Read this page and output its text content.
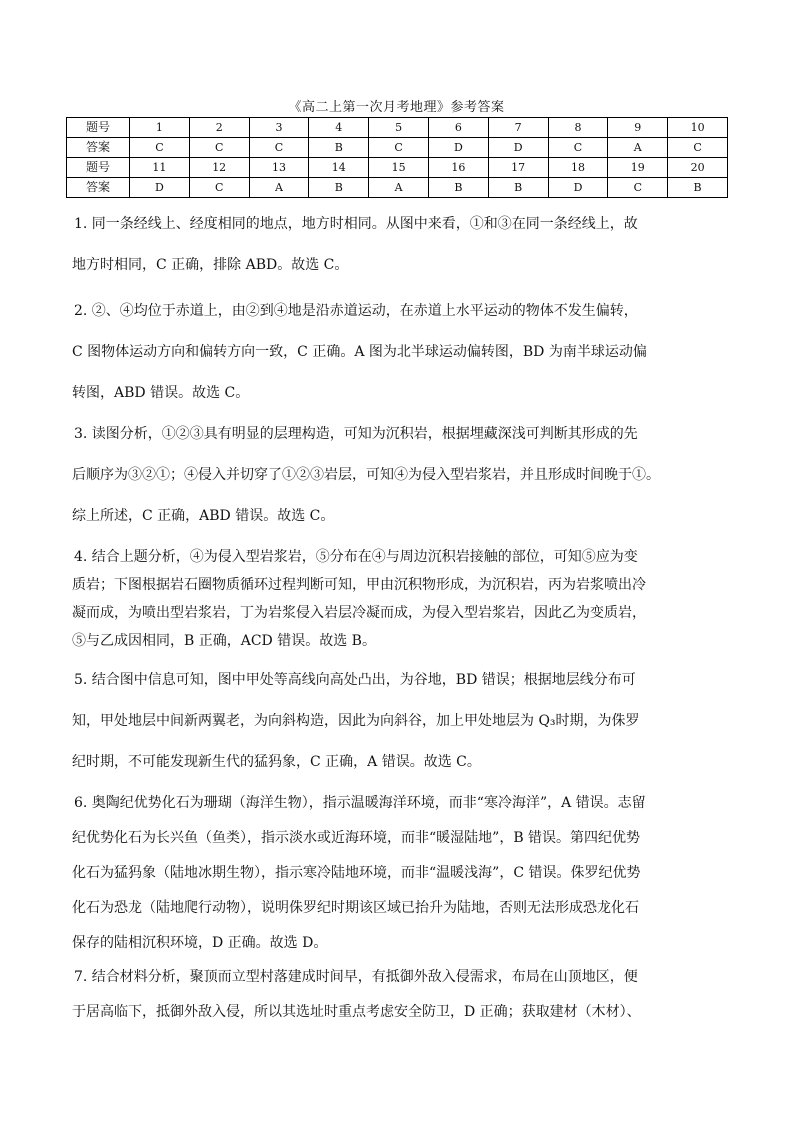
《高二上第一次月考地理》参考答案
题号	1	2	3	4	5	6	7	8	9	10
答案	C	C	C	B	C	D	D	C	A	C
题号	11	12	13	14	15	16	17	18	19	20
答案	D	C	A	B	A	B	B	D	C	B
1. 同一条经线上、经度相同的地点，地方时相同。从图中来看，①和③在同一条经线上，故
地方时相同，C 正确，排除 ABD。故选 C。
2. ②、④均位于赤道上，由②到④地是沿赤道运动，在赤道上水平运动的物体不发生偏转，
C 图物体运动方向和偏转方向一致，C 正确。A 图为北半球运动偏转图，BD 为南半球运动偏
转图，ABD 错误。故选 C。
3. 读图分析，①②③具有明显的层理构造，可知为沉积岩，根据埋藏深浅可判断其形成的先
后顺序为③②①；④侵入并切穿了①②③岩层，可知④为侵入型岩浆岩，并且形成时间晚于①。
综上所述，C 正确，ABD 错误。故选 C。
4. 结合上题分析，④为侵入型岩浆岩，⑤分布在④与周边沉积岩接触的部位，可知⑤应为变
质岩；下图根据岩石圈物质循环过程判断可知，甲由沉积物形成，为沉积岩，丙为岩浆喷出冷
凝而成，为喷出型岩浆岩，丁为岩浆侵入岩层冷凝而成，为侵入型岩浆岩，因此乙为变质岩，
⑤与乙成因相同，B 正确，ACD 错误。故选 B。
5. 结合图中信息可知，图中甲处等高线向高处凸出，为谷地，BD 错误；根据地层线分布可
知，甲处地层中间新两翼老，为向斜构造，因此为向斜谷，加上甲处地层为 Q₃时期，为侏罗
纪时期，不可能发现新生代的猛犸象，C 正确，A 错误。故选 C。
6. 奥陶纪优势化石为珊瑚（海洋生物），指示温暖海洋环境，而非“寒冷海洋”，A 错误。志留
纪优势化石为长兴鱼（鱼类），指示淡水或近海环境，而非“暖湿陆地”，B 错误。第四纪优势
化石为猛犸象（陆地冰期生物），指示寒冷陆地环境，而非“温暖浅海”，C 错误。侏罗纪优势
化石为恐龙（陆地爬行动物），说明侏罗纪时期该区域已抬升为陆地，否则无法形成恐龙化石
保存的陆相沉积环境，D 正确。故选 D。
7. 结合材料分析，聚顶而立型村落建成时间早，有抵御外敌入侵需求，布局在山顶地区，便
于居高临下，抵御外敌入侵，所以其选址时重点考虑安全防卫，D 正确；获取建材（木材）、
